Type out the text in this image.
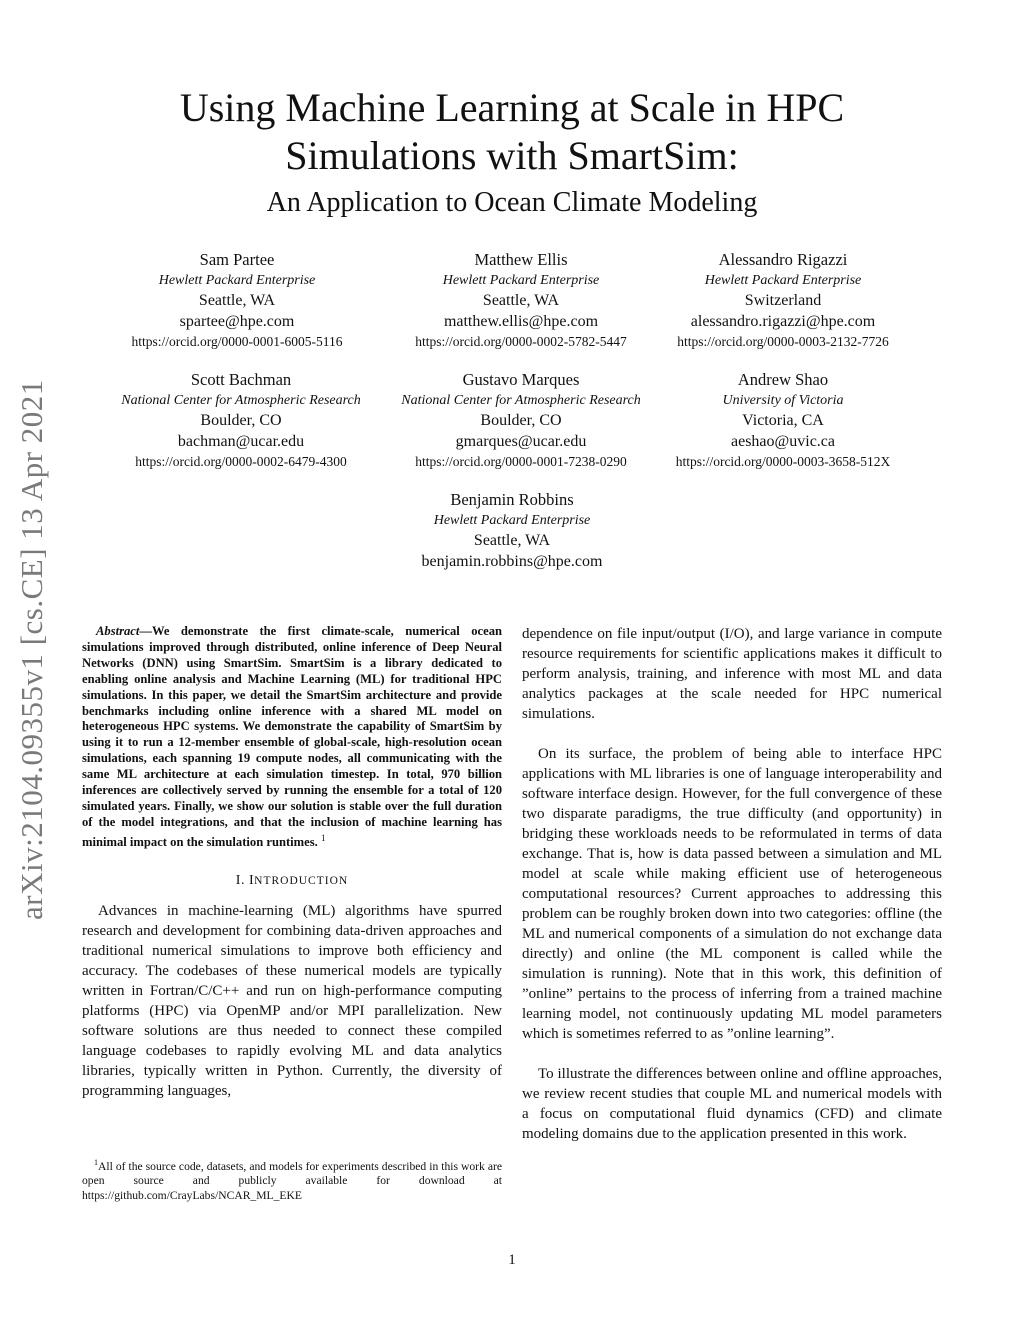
arXiv:2104.09355v1 [cs.CE] 13 Apr 2021
Using Machine Learning at Scale in HPC
Simulations with SmartSim:
An Application to Ocean Climate Modeling
Sam Partee
Hewlett Packard Enterprise
Seattle, WA
spartee@hpe.com
https://orcid.org/0000-0001-6005-5116
Matthew Ellis
Hewlett Packard Enterprise
Seattle, WA
matthew.ellis@hpe.com
https://orcid.org/0000-0002-5782-5447
Alessandro Rigazzi
Hewlett Packard Enterprise
Switzerland
alessandro.rigazzi@hpe.com
https://orcid.org/0000-0003-2132-7726
Scott Bachman
National Center for Atmospheric Research
Boulder, CO
bachman@ucar.edu
https://orcid.org/0000-0002-6479-4300
Gustavo Marques
National Center for Atmospheric Research
Boulder, CO
gmarques@ucar.edu
https://orcid.org/0000-0001-7238-0290
Andrew Shao
University of Victoria
Victoria, CA
aeshao@uvic.ca
https://orcid.org/0000-0003-3658-512X
Benjamin Robbins
Hewlett Packard Enterprise
Seattle, WA
benjamin.robbins@hpe.com

Abstract—We demonstrate the first climate-scale, numerical ocean simulations improved through distributed, online inference of Deep Neural Networks (DNN) using SmartSim. SmartSim is a library dedicated to enabling online analysis and Machine Learning (ML) for traditional HPC simulations. In this paper, we detail the SmartSim architecture and provide benchmarks including online inference with a shared ML model on heterogeneous HPC systems. We demonstrate the capability of SmartSim by using it to run a 12-member ensemble of global-scale, high-resolution ocean simulations, each spanning 19 compute nodes, all communicating with the same ML architecture at each simulation timestep. In total, 970 billion inferences are collectively served by running the ensemble for a total of 120 simulated years. Finally, we show our solution is stable over the full duration of the model integrations, and that the inclusion of machine learning has minimal impact on the simulation runtimes. $^1$

I. INTRODUCTION

Advances in machine-learning (ML) algorithms have spurred research and development for combining data-driven approaches and traditional numerical simulations to improve both efficiency and accuracy. The codebases of these numerical models are typically written in Fortran/C/C++ and run on high-performance computing platforms (HPC) via OpenMP and/or MPI parallelization. New software solutions are thus needed to connect these compiled language codebases to rapidly evolving ML and data analytics libraries, typically written in Python. Currently, the diversity of programming languages,

$^1$All of the source code, datasets, and models for experiments described in this work are open source and publicly available for download at https://github.com/CrayLabs/NCAR_ML_EKE

dependence on file input/output (I/O), and large variance in compute resource requirements for scientific applications makes it difficult to perform analysis, training, and inference with most ML and data analytics packages at the scale needed for HPC numerical simulations.

On its surface, the problem of being able to interface HPC applications with ML libraries is one of language interoperability and software interface design. However, for the full convergence of these two disparate paradigms, the true difficulty (and opportunity) in bridging these workloads needs to be reformulated in terms of data exchange. That is, how is data passed between a simulation and ML model at scale while making efficient use of heterogeneous computational resources? Current approaches to addressing this problem can be roughly broken down into two categories: offline (the ML and numerical components of a simulation do not exchange data directly) and online (the ML component is called while the simulation is running). Note that in this work, this definition of ”online” pertains to the process of inferring from a trained machine learning model, not continuously updating ML model parameters which is sometimes referred to as ”online learning”.

To illustrate the differences between online and offline approaches, we review recent studies that couple ML and numerical models with a focus on computational fluid dynamics (CFD) and climate modeling domains due to the application presented in this work.

1
